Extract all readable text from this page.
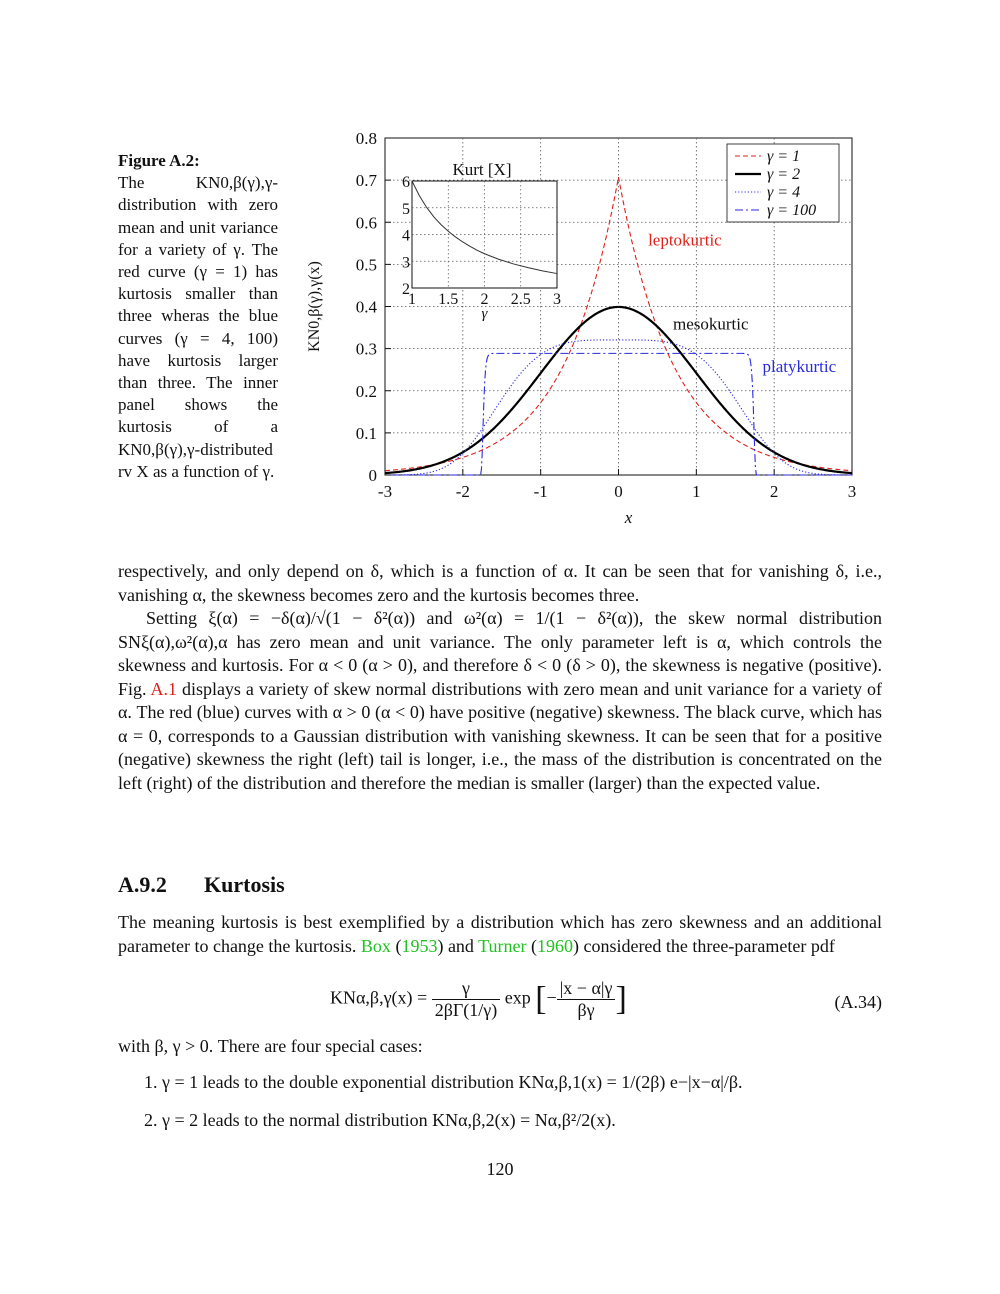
Figure A.2:
The KN0,β(γ),γ-distribution with zero mean and unit variance for a variety of γ. The red curve (γ = 1) has kurtosis smaller than three wheras the blue curves (γ = 4, 100) have kurtosis larger than three. The inner panel shows the kurtosis of a KN0,β(γ),γ-distributed rv X as a function of γ.
x
KN0,β(γ),γ(x)
-3	-2	-1	0	1	2	3
0
0.1
0.2
0.3
0.4
0.5
0.6
0.7
0.8
1 1.5 2 2.5 3
2
3
4
5
6
Kurt [X]
γ
γ = 1
γ = 2
γ = 4
γ = 100
leptokurtic
mesokurtic
platykurtic

respectively, and only depend on δ, which is a function of α. It can be seen that for vanishing δ, i.e., vanishing α, the skewness becomes zero and the kurtosis becomes three.

Setting ξ(α) = −δ(α)/√(1 − δ²(α)) and ω²(α) = 1/(1 − δ²(α)), the skew normal distribution SNξ(α),ω²(α),α has zero mean and unit variance. The only parameter left is α, which controls the skewness and kurtosis. For α < 0 (α > 0), and therefore δ < 0 (δ > 0), the skewness is negative (positive). Fig. A.1 displays a variety of skew normal distributions with zero mean and unit variance for a variety of α. The red (blue) curves with α > 0 (α < 0) have positive (negative) skewness. The black curve, which has α = 0, corresponds to a Gaussian distribution with vanishing skewness. It can be seen that for a positive (negative) skewness the right (left) tail is longer, i.e., the mass of the distribution is concentrated on the left (right) of the distribution and therefore the median is smaller (larger) than the expected value.

A.9.2 Kurtosis
The meaning kurtosis is best exemplified by a distribution which has zero skewness and an additional parameter to change the kurtosis. Box (1953) and Turner (1960) considered the three-parameter pdf
$KN\alpha,\beta,\gamma(x) = \frac{\gamma}{2\beta\Gamma(1/\gamma)}$ exp [− $\frac{|x - \alpha|\gamma}{\beta\gamma}$ ]	(A.34)
with β, γ > 0. There are four special cases:
1. γ = 1 leads to the double exponential distribution KNα,β,1(x) = 1/(2β) e−|x−α|/β.
2. γ = 2 leads to the normal distribution KNα,β,2(x) = Nα,β²/2(x).
120
